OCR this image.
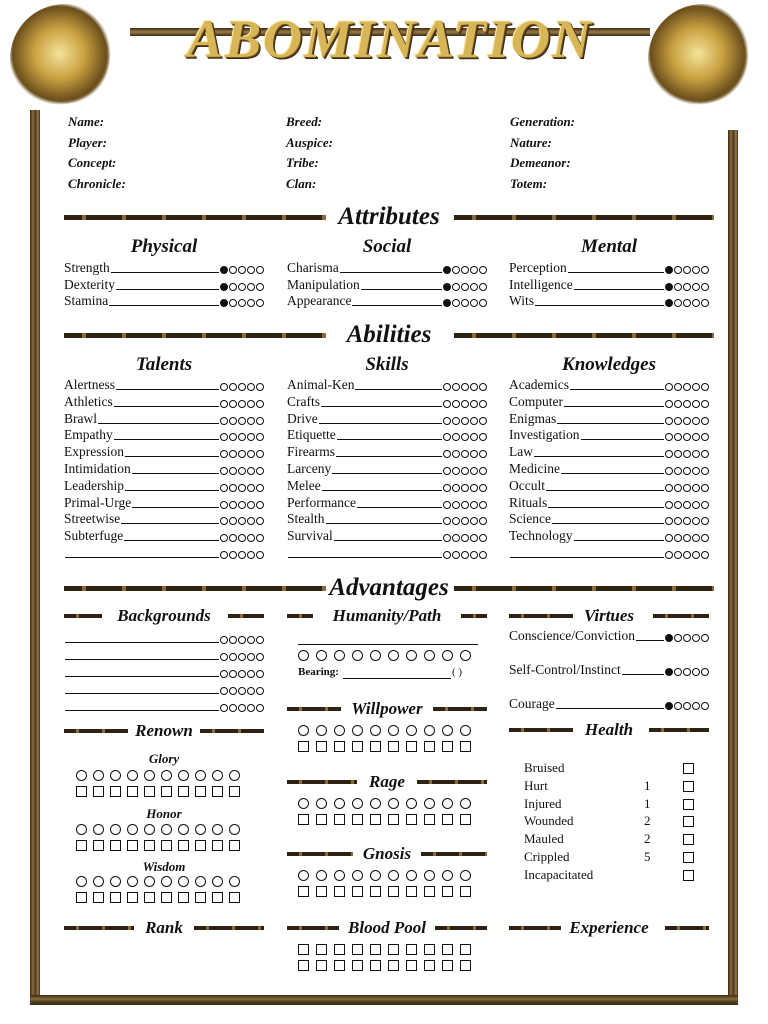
ABOMINATION
Name:
Player:
Concept:
Chronicle:
Breed:
Auspice:
Tribe:
Clan:
Generation:
Nature:
Demeanor:
Totem:
Attributes
Physical	Social	Mental
Abilities
Talents	Skills	Knowledges
Advantages
Backgrounds	Humanity/Path	Virtues
Renown
Willpower
Health
Rage
Gnosis
Rank	Blood Pool	Experience
Bearing:	( )
Glory
Honor
Wisdom
Strength
Dexterity
Stamina
Charisma
Manipulation
Appearance
Perception
Intelligence
Wits
Alertness
Athletics
Brawl
Empathy
Expression
Intimidation
Leadership
Primal-Urge
Streetwise
Subterfuge
Animal-Ken
Crafts
Drive
Etiquette
Firearms
Larceny
Melee
Performance
Stealth
Survival
Academics
Computer
Enigmas
Investigation
Law
Medicine
Occult
Rituals
Science
Technology
Conscience/Conviction
Self-Control/Instinct
Courage
Bruised
Hurt	1
Injured	1
Wounded	2
Mauled	2
Crippled	5
Incapacitated
